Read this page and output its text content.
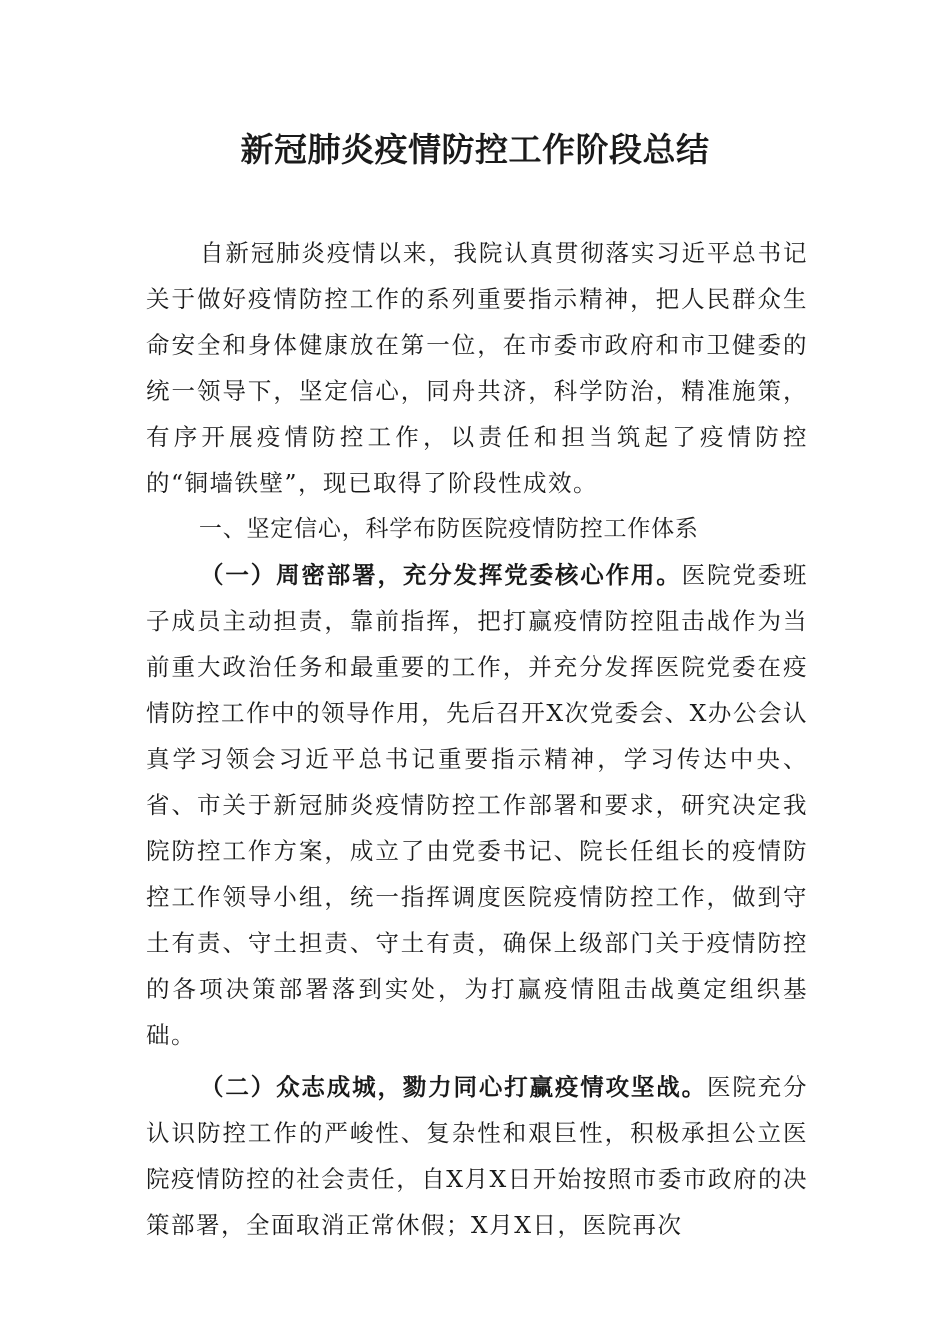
新冠肺炎疫情防控工作阶段总结

自新冠肺炎疫情以来，我院认真贯彻落实习近平总书记关于做好疫情防控工作的系列重要指示精神，把人民群众生命安全和身体健康放在第一位，在市委市政府和市卫健委的统一领导下，坚定信心，同舟共济，科学防治，精准施策，有序开展疫情防控工作，以责任和担当筑起了疫情防控的“铜墙铁壁”，现已取得了阶段性成效。

一、坚定信心，科学布防医院疫情防控工作体系

（一）周密部署，充分发挥党委核心作用。医院党委班子成员主动担责，靠前指挥，把打赢疫情防控阻击战作为当前重大政治任务和最重要的工作，并充分发挥医院党委在疫情防控工作中的领导作用，先后召开X次党委会、X办公会认真学习领会习近平总书记重要指示精神，学习传达中央、省、市关于新冠肺炎疫情防控工作部署和要求，研究决定我院防控工作方案，成立了由党委书记、院长任组长的疫情防控工作领导小组，统一指挥调度医院疫情防控工作，做到守土有责、守土担责、守土有责，确保上级部门关于疫情防控的各项决策部署落到实处，为打赢疫情阻击战奠定组织基础。

（二）众志成城，勠力同心打赢疫情攻坚战。医院充分认识防控工作的严峻性、复杂性和艰巨性，积极承担公立医院疫情防控的社会责任，自X月X日开始按照市委市政府的决策部署，全面取消正常休假；X月X日，医院再次
